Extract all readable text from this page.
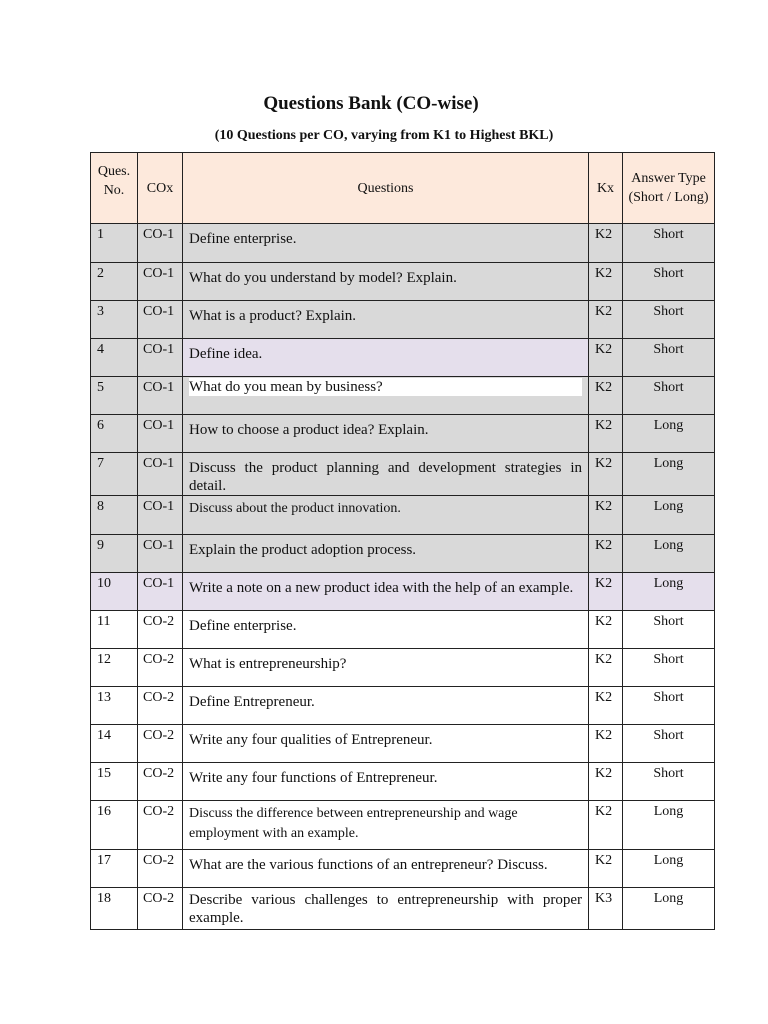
Questions Bank (CO-wise)
(10 Questions per CO, varying from K1 to Highest BKL)
Ques. No.	COx	Questions	Kx	Answer Type (Short / Long)
1	CO-1	Define enterprise.	K2	Short
2	CO-1	What do you understand by model? Explain.	K2	Short
3	CO-1	What is a product? Explain.	K2	Short
4	CO-1	Define idea.	K2	Short
5	CO-1	What do you mean by business?	K2	Short
6	CO-1	How to choose a product idea? Explain.	K2	Long
7	CO-1	Discuss the product planning and development strategies in detail.	K2	Long
8	CO-1	Discuss about the product innovation.	K2	Long
9	CO-1	Explain the product adoption process.	K2	Long
10	CO-1	Write a note on a new product idea with the help of an example.	K2	Long
11	CO-2	Define enterprise.	K2	Short
12	CO-2	What is entrepreneurship?	K2	Short
13	CO-2	Define Entrepreneur.	K2	Short
14	CO-2	Write any four qualities of Entrepreneur.	K2	Short
15	CO-2	Write any four functions of Entrepreneur.	K2	Short
16	CO-2	Discuss the difference between entrepreneurship and wage employment with an example.	K2	Long
17	CO-2	What are the various functions of an entrepreneur? Discuss.	K2	Long
18	CO-2	Describe various challenges to entrepreneurship with proper example.	K3	Long
